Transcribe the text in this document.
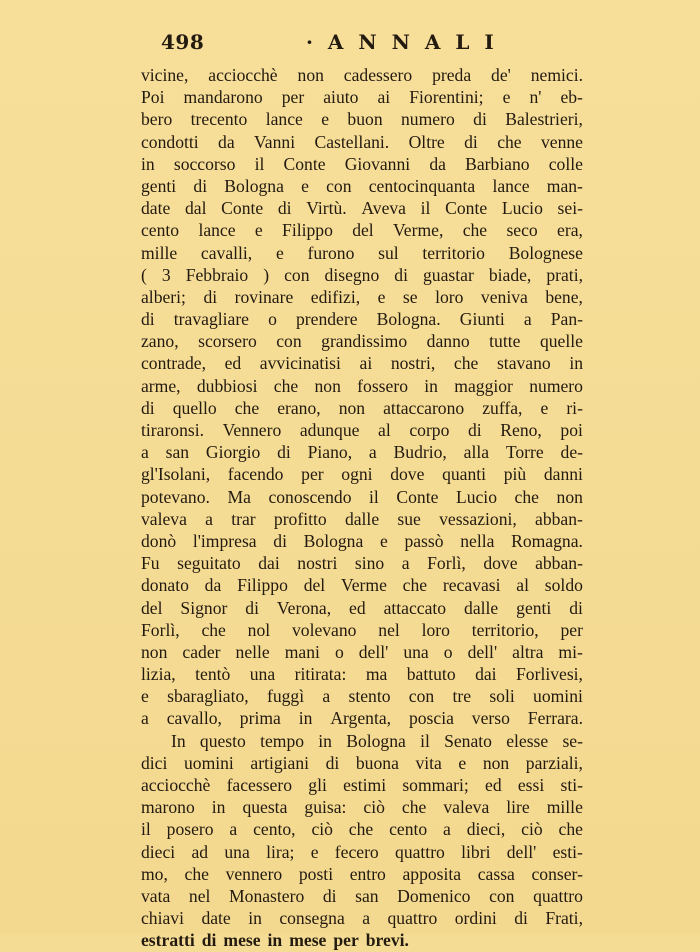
498	· A N N A L I
vicine, acciocchè non cadessero preda de' nemici.
Poi mandarono per aiuto ai Fiorentini; e n' eb-
bero trecento lance e buon numero di Balestrieri,
condotti da Vanni Castellani. Oltre di che venne
in soccorso il Conte Giovanni da Barbiano colle
genti di Bologna e con centocinquanta lance man-
date dal Conte di Virtù. Aveva il Conte Lucio sei-
cento lance e Filippo del Verme, che seco era,
mille cavalli, e furono sul territorio Bolognese
( 3 Febbraio ) con disegno di guastar biade, prati,
alberi; di rovinare edifizi, e se loro veniva bene,
di travagliare o prendere Bologna. Giunti a Pan-
zano, scorsero con grandissimo danno tutte quelle
contrade, ed avvicinatisi ai nostri, che stavano in
arme, dubbiosi che non fossero in maggior numero
di quello che erano, non attaccarono zuffa, e ri-
tiraronsi. Vennero adunque al corpo di Reno, poi
a san Giorgio di Piano, a Budrio, alla Torre de-
gl'Isolani, facendo per ogni dove quanti più danni
potevano. Ma conoscendo il Conte Lucio che non
valeva a trar profitto dalle sue vessazioni, abban-
donò l'impresa di Bologna e passò nella Romagna.
Fu seguitato dai nostri sino a Forlì, dove abban-
donato da Filippo del Verme che recavasi al soldo
del Signor di Verona, ed attaccato dalle genti di
Forlì, che nol volevano nel loro territorio, per
non cader nelle mani o dell' una o dell' altra mi-
lizia, tentò una ritirata: ma battuto dai Forlivesi,
e sbaragliato, fuggì a stento con tre soli uomini
a cavallo, prima in Argenta, poscia verso Ferrara.
In questo tempo in Bologna il Senato elesse se-
dici uomini artigiani di buona vita e non parziali,
acciocchè facessero gli estimi sommari; ed essi sti-
marono in questa guisa: ciò che valeva lire mille
il posero a cento, ciò che cento a dieci, ciò che
dieci ad una lira; e fecero quattro libri dell' esti-
mo, che vennero posti entro apposita cassa conser-
vata nel Monastero di san Domenico con quattro
chiavi date in consegna a quattro ordini di Frati,
estratti di mese in mese per brevi.
